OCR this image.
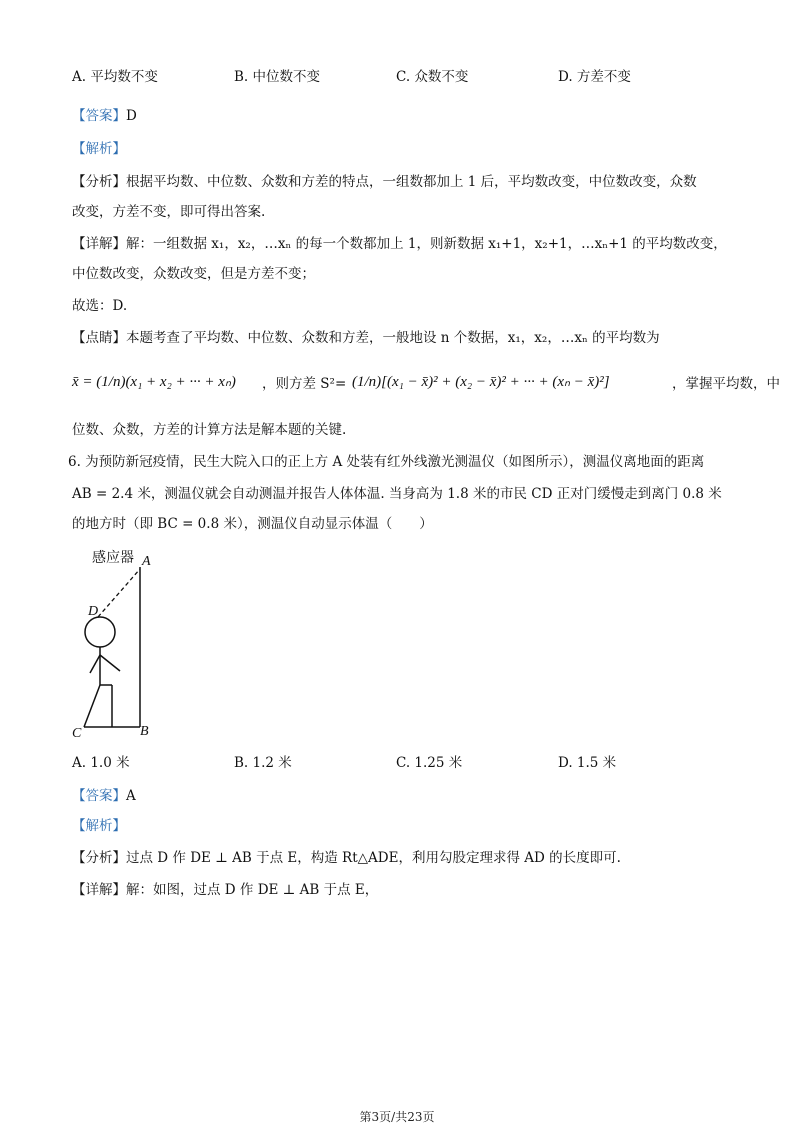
A. 平均数不变	B. 中位数不变	C. 众数不变	D. 方差不变
【答案】D
【解析】
【分析】根据平均数、中位数、众数和方差的特点，一组数都加上 1 后，平均数改变，中位数改变，众数
改变，方差不变，即可得出答案.
【详解】解：一组数据 x₁，x₂，…xₙ 的每一个数都加上 1，则新数据 x₁+1，x₂+1，…xₙ+1 的平均数改变，
中位数改变，众数改变，但是方差不变；
故选：D.
【点睛】本题考查了平均数、中位数、众数和方差，一般地设 n 个数据，x₁，x₂，…xₙ 的平均数为
x̄ = (1/n)(x₁ + x₂ + ··· + xₙ) ，则方差 S²= (1/n)[(x₁ − x̄)² + (x₂ − x̄)² + ··· + (xₙ − x̄)²]	，掌握平均数，中
位数、众数，方差的计算方法是解本题的关键.
6. 为预防新冠疫情，民生大院入口的正上方 A 处装有红外线激光测温仪（如图所示），测温仪离地面的距离
AB = 2.4 米，测温仪就会自动测温并报告人体体温. 当身高为 1.8 米的市民 CD 正对门缓慢走到离门 0.8 米
的地方时（即 BC = 0.8 米），测温仪自动显示体温（　　）
感应器 A
D
C	B
A. 1.0 米	B. 1.2 米	C. 1.25 米	D. 1.5 米
【答案】A
【解析】
【分析】过点 D 作 DE ⊥ AB 于点 E，构造 Rt△ADE，利用勾股定理求得 AD 的长度即可.
【详解】解：如图，过点 D 作 DE ⊥ AB 于点 E，
第3页/共23页
